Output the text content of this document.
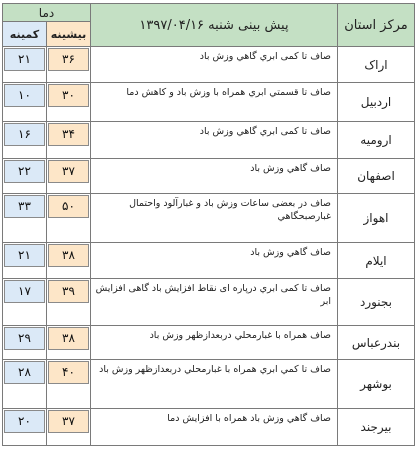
مرکز استان	پیش بینی شنبه ۱۳۹۷/۰۴/۱۶	دما	
		بیشینه	کمینه
اراک	صاف تا کمی ابري گاهي وزش باد	۳۶	۲۱

اردبیل	صاف تا قسمتي ابري همراه با وزش باد و کاهش دما	۳۰	۱۰

ارومیه	صاف تا کمی ابري گاهي وزش باد	۳۴	۱۶

اصفهان	صاف گاهي وزش باد	۳۷	۲۲

اهواز	صاف در بعضی ساعات وزش باد و غبارآلود واحتمال غبارصبحگاهي	۵۰	۳۳

ایلام	صاف گاهي وزش باد	۳۸	۲۱

بجنورد	صاف تا کمی ابري درپاره ای نقاط افزایش باد گاهی افزایش ابر	۳۹	۱۷

بندرعباس	صاف همراه با غبارمحلي دربعدازظهر وزش باد	۳۸	۲۹

بوشهر	صاف تا کمي ابري همراه با غبارمحلي دربعدازظهر وزش باد	۴۰	۲۸

بیرجند	صاف گاهي وزش باد همراه با افزایش دما	۳۷	۲۰
